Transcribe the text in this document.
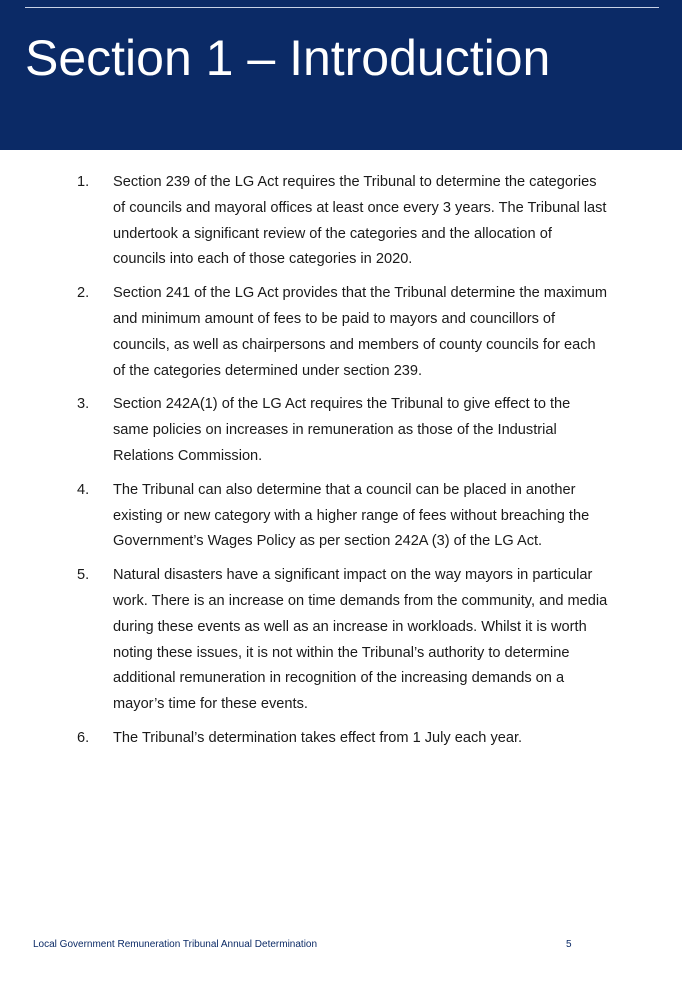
Section 1 – Introduction
1. Section 239 of the LG Act requires the Tribunal to determine the categories of councils and mayoral offices at least once every 3 years. The Tribunal last undertook a significant review of the categories and the allocation of councils into each of those categories in 2020.

2. Section 241 of the LG Act provides that the Tribunal determine the maximum and minimum amount of fees to be paid to mayors and councillors of councils, as well as chairpersons and members of county councils for each of the categories determined under section 239.

3. Section 242A(1) of the LG Act requires the Tribunal to give effect to the same policies on increases in remuneration as those of the Industrial Relations Commission.

4. The Tribunal can also determine that a council can be placed in another existing or new category with a higher range of fees without breaching the Government’s Wages Policy as per section 242A (3) of the LG Act.

5. Natural disasters have a significant impact on the way mayors in particular work. There is an increase on time demands from the community, and media during these events as well as an increase in workloads. Whilst it is worth noting these issues, it is not within the Tribunal’s authority to determine additional remuneration in recognition of the increasing demands on a mayor’s time for these events.

6. The Tribunal’s determination takes effect from 1 July each year.

Local Government Remuneration Tribunal Annual Determination	5
